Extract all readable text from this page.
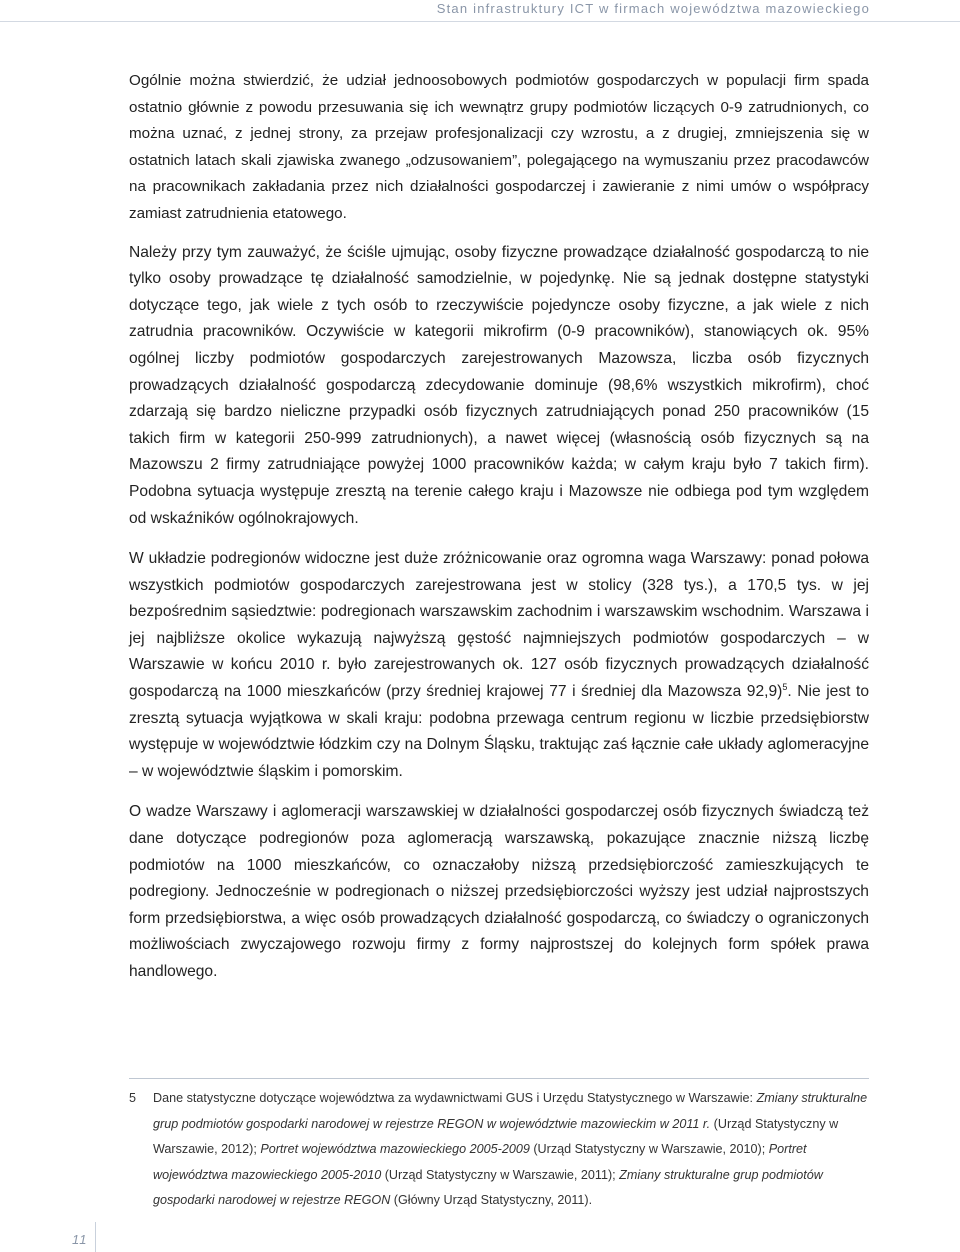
Stan infrastruktury ICT w firmach województwa mazowieckiego

Ogólnie można stwierdzić, że udział jednoosobowych podmiotów gospodarczych w populacji firm spada ostatnio głównie z powodu przesuwania się ich wewnątrz grupy podmiotów liczących 0-9 zatrudnionych, co można uznać, z jednej strony, za przejaw profesjonalizacji czy wzrostu, a z drugiej, zmniejszenia się w ostatnich latach skali zjawiska zwanego „odzusowaniem”, polegającego na wymuszaniu przez pracodawców na pracownikach zakładania przez nich działalności gospodarczej i zawieranie z nimi umów o współpracy zamiast zatrudnienia etatowego.

Należy przy tym zauważyć, że ściśle ujmując, osoby fizyczne prowadzące działalność gospodarczą to nie tylko osoby prowadzące tę działalność samodzielnie, w pojedynkę. Nie są jednak dostępne statystyki dotyczące tego, jak wiele z tych osób to rzeczywiście pojedyncze osoby fizyczne, a jak wiele z nich zatrudnia pracowników. Oczywiście w kategorii mikrofirm (0-9 pracowników), stanowiących ok. 95% ogólnej liczby podmiotów gospodarczych zarejestrowanych Mazowsza, liczba osób fizycznych prowadzących działalność gospodarczą zdecydowanie dominuje (98,6% wszystkich mikrofirm), choć zdarzają się bardzo nieliczne przypadki osób fizycznych zatrudniających ponad 250 pracowników (15 takich firm w kategorii 250-999 zatrudnionych), a nawet więcej (własnością osób fizycznych są na Mazowszu 2 firmy zatrudniające powyżej 1000 pracowników każda; w całym kraju było 7 takich firm). Podobna sytuacja występuje zresztą na terenie całego kraju i Mazowsze nie odbiega pod tym względem od wskaźników ogólnokrajowych.

W układzie podregionów widoczne jest duże zróżnicowanie oraz ogromna waga Warszawy: ponad połowa wszystkich podmiotów gospodarczych zarejestrowana jest w stolicy (328 tys.), a 170,5 tys. w jej bezpośrednim sąsiedztwie: podregionach warszawskim zachodnim i warszawskim wschodnim. Warszawa i jej najbliższe okolice wykazują najwyższą gęstość najmniejszych podmiotów gospodarczych – w Warszawie w końcu 2010 r. było zarejestrowanych ok. 127 osób fizycznych prowadzących działalność gospodarczą na 1000 mieszkańców (przy średniej krajowej 77 i średniej dla Mazowsza 92,9)$^5$. Nie jest to zresztą sytuacja wyjątkowa w skali kraju: podobna przewaga centrum regionu w liczbie przedsiębiorstw występuje w województwie łódzkim czy na Dolnym Śląsku, traktując zaś łącznie całe układy aglomeracyjne – w województwie śląskim i pomorskim.

O wadze Warszawy i aglomeracji warszawskiej w działalności gospodarczej osób fizycznych świadczą też dane dotyczące podregionów poza aglomeracją warszawską, pokazujące znacznie niższą liczbę podmiotów na 1000 mieszkańców, co oznaczałoby niższą przedsiębiorczość zamieszkujących te podregiony. Jednocześnie w podregionach o niższej przedsiębiorczości wyższy jest udział najprostszych form przedsiębiorstwa, a więc osób prowadzących działalność gospodarczą, co świadczy o ograniczonych możliwościach zwyczajowego rozwoju firmy z formy najprostszej do kolejnych form spółek prawa handlowego.

5 Dane statystyczne dotyczące województwa za wydawnictwami GUS i Urzędu Statystycznego w Warszawie: Zmiany strukturalne grup podmiotów gospodarki narodowej w rejestrze REGON w województwie mazowieckim w 2011 r. (Urząd Statystyczny w Warszawie, 2012); Portret województwa mazowieckiego 2005-2009 (Urząd Statystyczny w Warszawie, 2010); Portret województwa mazowieckiego 2005-2010 (Urząd Statystyczny w Warszawie, 2011); Zmiany strukturalne grup podmiotów gospodarki narodowej w rejestrze REGON (Główny Urząd Statystyczny, 2011).
11
